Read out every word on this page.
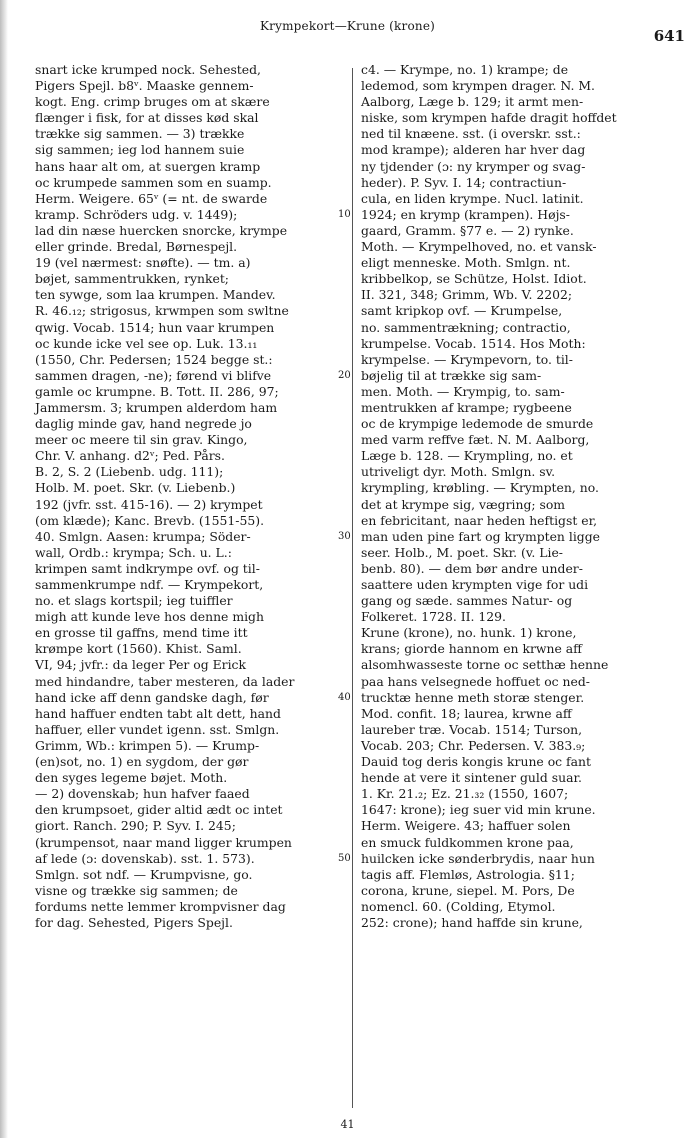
Krympekort—Krune (krone)
641
snart icke krumped nock. Sehested,
Pigers Spejl. b8ᵛ. Maaske gennem-
kogt. Eng. crimp bruges om at skære
flænger i fisk, for at disses kød skal
trække sig sammen. — 3) trække
sig sammen; ieg lod hannem suie
hans haar alt om, at suergen kramp
oc krumpede sammen som en suamp.
Herm. Weigere. 65ᵛ (= nt. de swarde
kramp. Schröders udg. v. 1449);
lad din næse huercken snorcke, krympe
eller grinde. Bredal, Børnespejl.
19 (vel nærmest: snøfte). — tm. a)
bøjet, sammentrukken, rynket;
ten sywge, som laa krumpen. Mandev.
R. 46.₁₂; strigosus, krwmpen som swltne
qwig. Vocab. 1514; hun vaar krumpen
oc kunde icke vel see op. Luk. 13.₁₁
(1550, Chr. Pedersen; 1524 begge st.:
sammen dragen, -ne); førend vi blifve
gamle oc krumpne. B. Tott. II. 286, 97;
Jammersm. 3; krumpen alderdom ham
daglig minde gav, hand negrede jo
meer oc meere til sin grav. Kingo,
Chr. V. anhang. d2ᵛ; Ped. Pårs.
B. 2, S. 2 (Liebenb. udg. 111);
Holb. M. poet. Skr. (v. Liebenb.)
192 (jvfr. sst. 415-16). — 2) krympet
(om klæde); Kanc. Brevb. (1551-55).
40. Smlgn. Aasen: krumpa; Söder-
wall, Ordb.: krympa; Sch. u. L.:
krimpen samt indkrympe ovf. og til-
sammenkrumpe ndf. — Krympekort,
no. et slags kortspil; ieg tuiffler
migh att kunde leve hos denne migh
en grosse til gaffns, mend time itt
krømpe kort (1560). Khist. Saml.
VI, 94; jvfr.: da leger Per og Erick
med hindandre, taber mesteren, da lader
hand icke aff denn gandske dagh, før
hand haffuer endten tabt alt dett, hand
haffuer, eller vundet igenn. sst. Smlgn.
Grimm, Wb.: krimpen 5). — Krump-
(en)sot, no. 1) en sygdom, der gør
den syges legeme bøjet. Moth.
— 2) dovenskab; hun hafver faaed
den krumpsoet, gider altid ædt oc intet
giort. Ranch. 290; P. Syv. I. 245;
(krumpensot, naar mand ligger krumpen
af lede (ɔ: dovenskab). sst. 1. 573).
Smlgn. sot ndf. — Krumpvisne, go.
visne og trække sig sammen; de
fordums nette lemmer krompvisner dag
for dag. Sehested, Pigers Spejl.
10
20
30
40
50
c4. — Krympe, no. 1) krampe; de
ledemod, som krympen drager. N. M.
Aalborg, Læge b. 129; it armt men-
niske, som krympen hafde dragit hoffdet
ned til knæene. sst. (i overskr. sst.:
mod krampe); alderen har hver dag
ny tjdender (ɔ: ny krymper og svag-
heder). P. Syv. I. 14; contractiun-
cula, en liden krympe. Nucl. latinit.
1924; en krymp (krampen). Højs-
gaard, Gramm. §77 e. — 2) rynke.
Moth. — Krympelhoved, no. et vansk-
eligt menneske. Moth. Smlgn. nt.
kribbelkop, se Schütze, Holst. Idiot.
II. 321, 348; Grimm, Wb. V. 2202;
samt kripkop ovf. — Krumpelse,
no. sammentrækning; contractio,
krumpelse. Vocab. 1514. Hos Moth:
krympelse. — Krympevorn, to. til-
bøjelig til at trække sig sam-
men. Moth. — Krympig, to. sam-
mentrukken af krampe; rygbeene
oc de krympige ledemode de smurde
med varm reffve fæt. N. M. Aalborg,
Læge b. 128. — Krympling, no. et
utriveligt dyr. Moth. Smlgn. sv.
krympling, krøbling. — Krympten, no.
det at krympe sig, vægring; som
en febricitant, naar heden heftigst er,
man uden pine fart og krympten ligge
seer. Holb., M. poet. Skr. (v. Lie-
benb. 80). — dem bør andre under-
saattere uden krympten vige for udi
gang og sæde. sammes Natur- og
Folkeret. 1728. II. 129.
Krune (krone), no. hunk. 1) krone,
krans; giorde hannom en krwne aff
alsomhwasseste torne oc setthæ henne
paa hans velsegnede hoffuet oc ned-
trucktæ henne meth storæ stenger.
Mod. confit. 18; laurea, krwne aff
laureber træ. Vocab. 1514; Turson,
Vocab. 203; Chr. Pedersen. V. 383.₉;
Dauid tog deris kongis krune oc fant
hende at vere it sintener guld suar.
1. Kr. 21.₂; Ez. 21.₃₂ (1550, 1607;
1647: krone); ieg suer vid min krune.
Herm. Weigere. 43; haffuer solen
en smuck fuldkommen krone paa,
huilcken icke sønderbrydis, naar hun
tagis aff. Flemløs, Astrologia. §11;
corona, krune, siepel. M. Pors, De
nomencl. 60. (Colding, Etymol.
252: crone); hand haffde sin krune,
41
